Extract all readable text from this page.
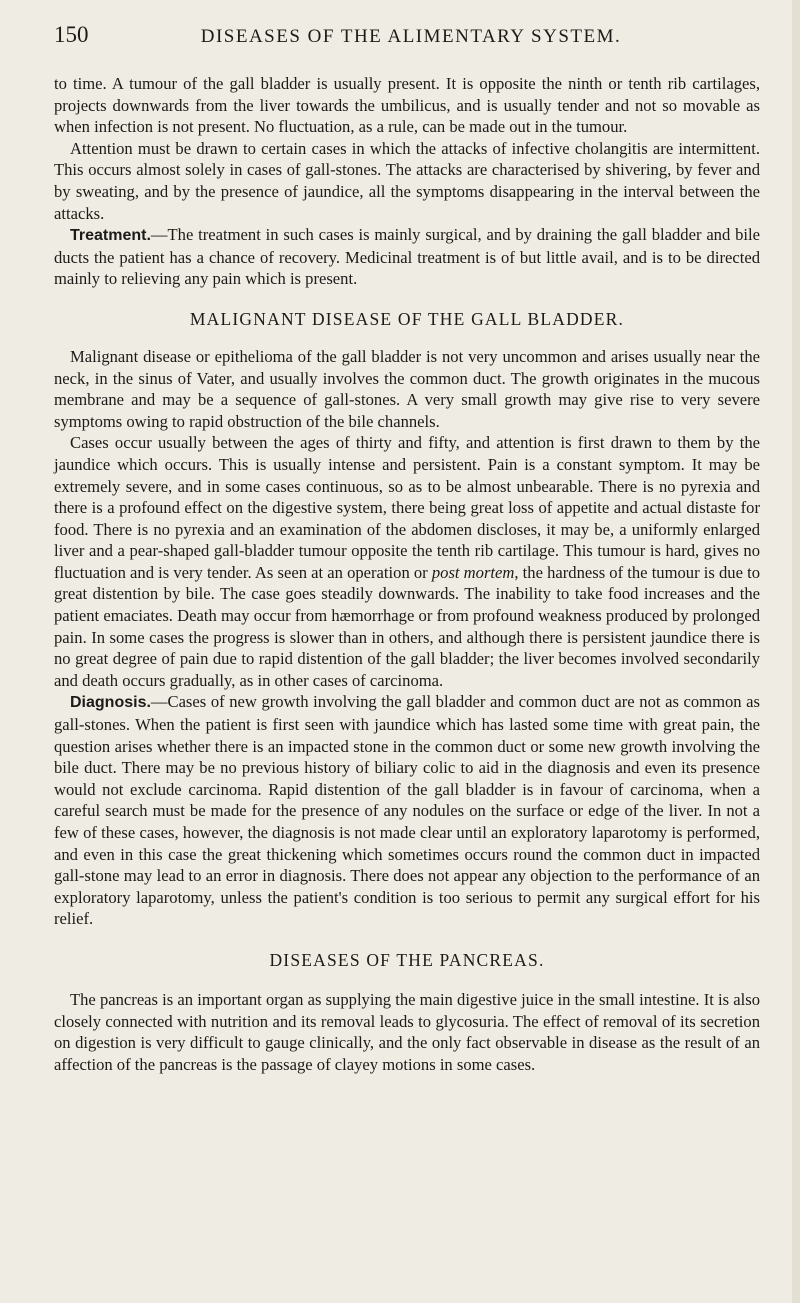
150	DISEASES OF THE ALIMENTARY SYSTEM.

to time. A tumour of the gall bladder is usually present. It is opposite the ninth or tenth rib cartilages, projects downwards from the liver towards the umbilicus, and is usually tender and not so movable as when infection is not present. No fluctuation, as a rule, can be made out in the tumour.

Attention must be drawn to certain cases in which the attacks of infective cholangitis are intermittent. This occurs almost solely in cases of gall-stones. The attacks are characterised by shivering, by fever and by sweating, and by the presence of jaundice, all the symptoms disappearing in the interval between the attacks.

Treatment.—The treatment in such cases is mainly surgical, and by draining the gall bladder and bile ducts the patient has a chance of recovery. Medicinal treatment is of but little avail, and is to be directed mainly to relieving any pain which is present.

MALIGNANT DISEASE OF THE GALL BLADDER.

Malignant disease or epithelioma of the gall bladder is not very uncommon and arises usually near the neck, in the sinus of Vater, and usually involves the common duct. The growth originates in the mucous membrane and may be a sequence of gall-stones. A very small growth may give rise to very severe symptoms owing to rapid obstruction of the bile channels.

Cases occur usually between the ages of thirty and fifty, and attention is first drawn to them by the jaundice which occurs. This is usually intense and persistent. Pain is a constant symptom. It may be extremely severe, and in some cases continuous, so as to be almost unbearable. There is no pyrexia and there is a profound effect on the digestive system, there being great loss of appetite and actual distaste for food. There is no pyrexia and an examination of the abdomen discloses, it may be, a uniformly enlarged liver and a pear-shaped gall-bladder tumour opposite the tenth rib cartilage. This tumour is hard, gives no fluctuation and is very tender. As seen at an operation or post mortem, the hardness of the tumour is due to great distention by bile. The case goes steadily downwards. The inability to take food increases and the patient emaciates. Death may occur from hæmorrhage or from profound weakness produced by prolonged pain. In some cases the progress is slower than in others, and although there is persistent jaundice there is no great degree of pain due to rapid distention of the gall bladder; the liver becomes involved secondarily and death occurs gradually, as in other cases of carcinoma.

Diagnosis.—Cases of new growth involving the gall bladder and common duct are not as common as gall-stones. When the patient is first seen with jaundice which has lasted some time with great pain, the question arises whether there is an impacted stone in the common duct or some new growth involving the bile duct. There may be no previous history of biliary colic to aid in the diagnosis and even its presence would not exclude carcinoma. Rapid distention of the gall bladder is in favour of carcinoma, when a careful search must be made for the presence of any nodules on the surface or edge of the liver. In not a few of these cases, however, the diagnosis is not made clear until an exploratory laparotomy is performed, and even in this case the great thickening which sometimes occurs round the common duct in impacted gall-stone may lead to an error in diagnosis. There does not appear any objection to the performance of an exploratory laparotomy, unless the patient's condition is too serious to permit any surgical effort for his relief.

DISEASES OF THE PANCREAS.

The pancreas is an important organ as supplying the main digestive juice in the small intestine. It is also closely connected with nutrition and its removal leads to glycosuria. The effect of removal of its secretion on digestion is very difficult to gauge clinically, and the only fact observable in disease as the result of an affection of the pancreas is the passage of clayey motions in some cases.
